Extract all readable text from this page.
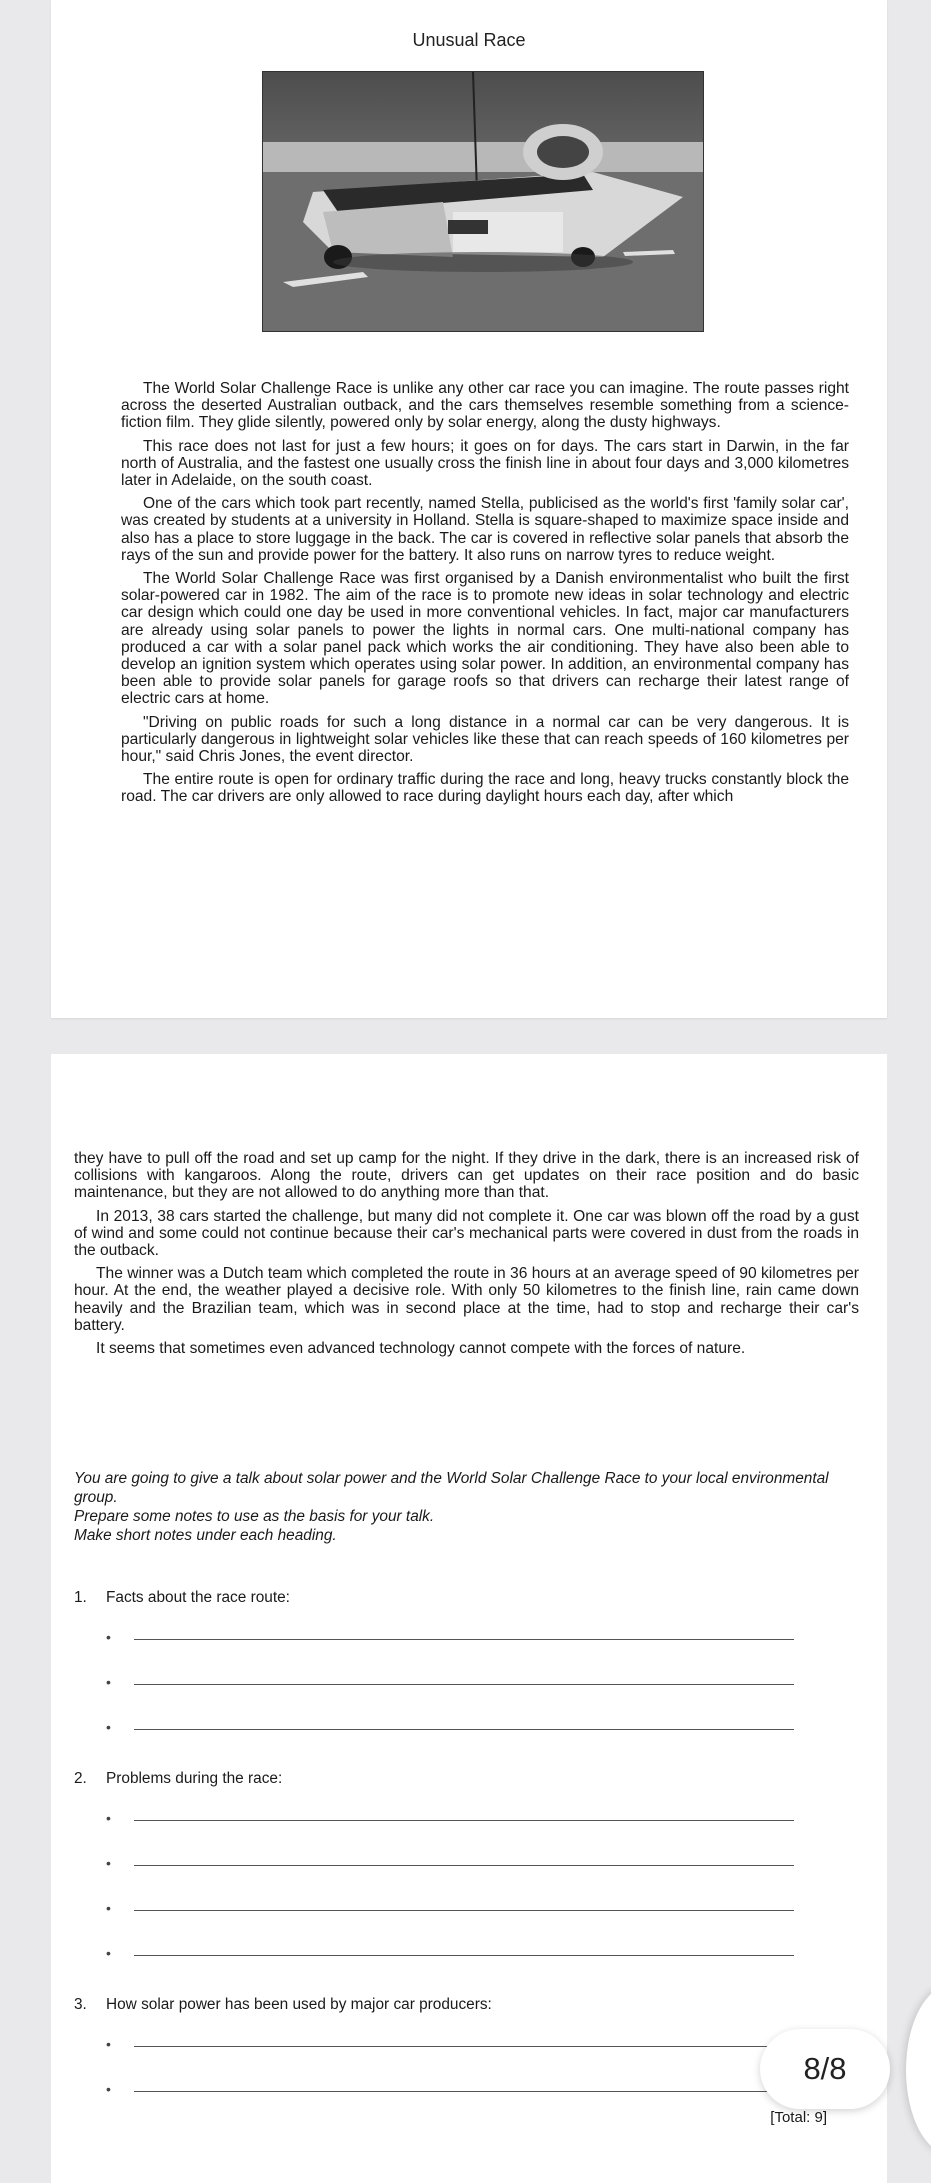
Unusual Race

The World Solar Challenge Race is unlike any other car race you can imagine. The route passes right across the deserted Australian outback, and the cars themselves resemble something from a science-fiction film. They glide silently, powered only by solar energy, along the dusty highways.

This race does not last for just a few hours; it goes on for days. The cars start in Darwin, in the far north of Australia, and the fastest one usually cross the finish line in about four days and 3,000 kilometres later in Adelaide, on the south coast.

One of the cars which took part recently, named Stella, publicised as the world's first 'family solar car', was created by students at a university in Holland. Stella is square-shaped to maximize space inside and also has a place to store luggage in the back. The car is covered in reflective solar panels that absorb the rays of the sun and provide power for the battery. It also runs on narrow tyres to reduce weight.

The World Solar Challenge Race was first organised by a Danish environmentalist who built the first solar-powered car in 1982. The aim of the race is to promote new ideas in solar technology and electric car design which could one day be used in more conventional vehicles. In fact, major car manufacturers are already using solar panels to power the lights in normal cars. One multi-national company has produced a car with a solar panel pack which works the air conditioning. They have also been able to develop an ignition system which operates using solar power. In addition, an environmental company has been able to provide solar panels for garage roofs so that drivers can recharge their latest range of electric cars at home.

"Driving on public roads for such a long distance in a normal car can be very dangerous. It is particularly dangerous in lightweight solar vehicles like these that can reach speeds of 160 kilometres per hour," said Chris Jones, the event director.

The entire route is open for ordinary traffic during the race and long, heavy trucks constantly block the road. The car drivers are only allowed to race during daylight hours each day, after which

they have to pull off the road and set up camp for the night. If they drive in the dark, there is an increased risk of collisions with kangaroos. Along the route, drivers can get updates on their race position and do basic maintenance, but they are not allowed to do anything more than that.

In 2013, 38 cars started the challenge, but many did not complete it. One car was blown off the road by a gust of wind and some could not continue because their car's mechanical parts were covered in dust from the roads in the outback.

The winner was a Dutch team which completed the route in 36 hours at an average speed of 90 kilometres per hour. At the end, the weather played a decisive role. With only 50 kilometres to the finish line, rain came down heavily and the Brazilian team, which was in second place at the time, had to stop and recharge their car's battery.

It seems that sometimes even advanced technology cannot compete with the forces of nature.

You are going to give a talk about solar power and the World Solar Challenge Race to your local environmental group.
Prepare some notes to use as the basis for your talk.
Make short notes under each heading.
1. Facts about the race route:
•
•
•
2. Problems during the race:
•
•
•
•
3. How solar power has been used by major car producers:
•
•
[Total: 9]
8/8
